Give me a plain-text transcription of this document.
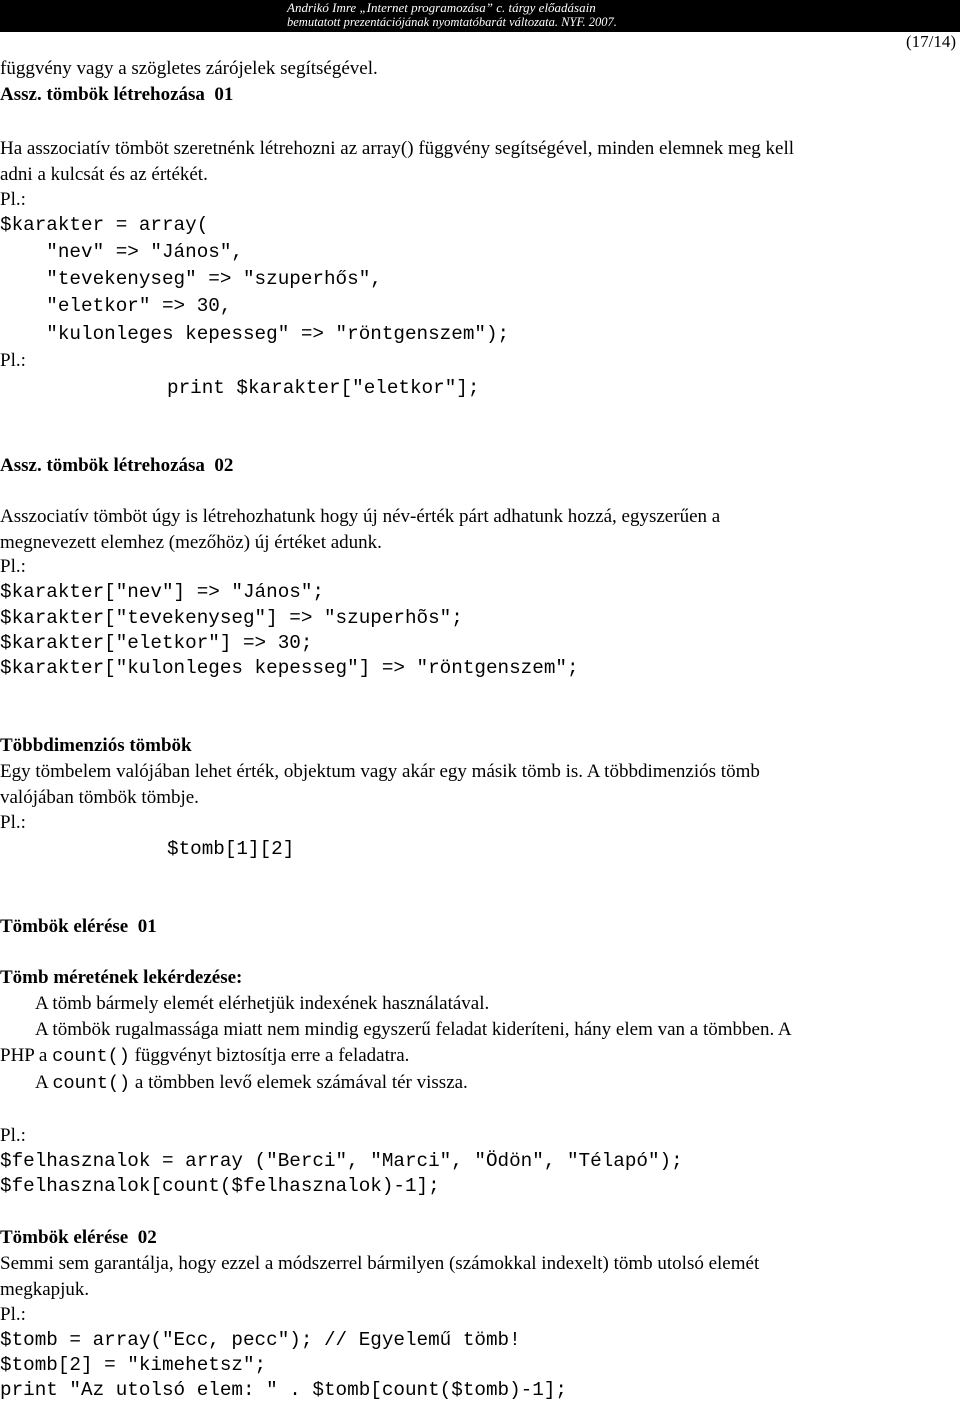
Andrikó Imre „Internet programozása” c. tárgy előadásain
bemutatott prezentációjának nyomtatóbarát változata. NYF. 2007.
(17/14)
függvény vagy a szögletes zárójelek segítségével.
Assz. tömbök létrehozása  01
Ha asszociatív tömböt szeretnénk létrehozni az array() függvény segítségével, minden elemnek meg kell
adni a kulcsát és az értékét.
Pl.:
$karakter = array(
"nev" => "János",
"tevekenyseg" => "szuperhős",
"eletkor" => 30,
"kulonleges kepesseg" => "röntgenszem");
Pl.:
print $karakter["eletkor"];
Assz. tömbök létrehozása  02
Asszociatív tömböt úgy is létrehozhatunk hogy új név-érték párt adhatunk hozzá, egyszerűen a
megnevezett elemhez (mezőhöz) új értéket adunk.
Pl.:
$karakter["nev"] => "János";
$karakter["tevekenyseg"] => "szuperhõs";
$karakter["eletkor"] => 30;
$karakter["kulonleges kepesseg"] => "röntgenszem";
Többdimenziós tömbök
Egy tömbelem valójában lehet érték, objektum vagy akár egy másik tömb is. A többdimenziós tömb
valójában tömbök tömbje.
Pl.:
$tomb[1][2]
Tömbök elérése  01
Tömb méretének lekérdezése:
A tömb bármely elemét elérhetjük indexének használatával.
A tömbök rugalmassága miatt nem mindig egyszerű feladat kideríteni, hány elem van a tömbben. A
PHP a count() függvényt biztosítja erre a feladatra.
A count() a tömbben levő elemek számával tér vissza.
Pl.:
$felhasznalok = array ("Berci", "Marci", "Ödön", "Télapó");
$felhasznalok[count($felhasznalok)-1];
Tömbök elérése  02
Semmi sem garantálja, hogy ezzel a módszerrel bármilyen (számokkal indexelt) tömb utolsó elemét
megkapjuk.
Pl.:
$tomb = array("Ecc, pecc"); // Egyelemű tömb!
$tomb[2] = "kimehetsz";
print "Az utolsó elem: " . $tomb[count($tomb)-1];
